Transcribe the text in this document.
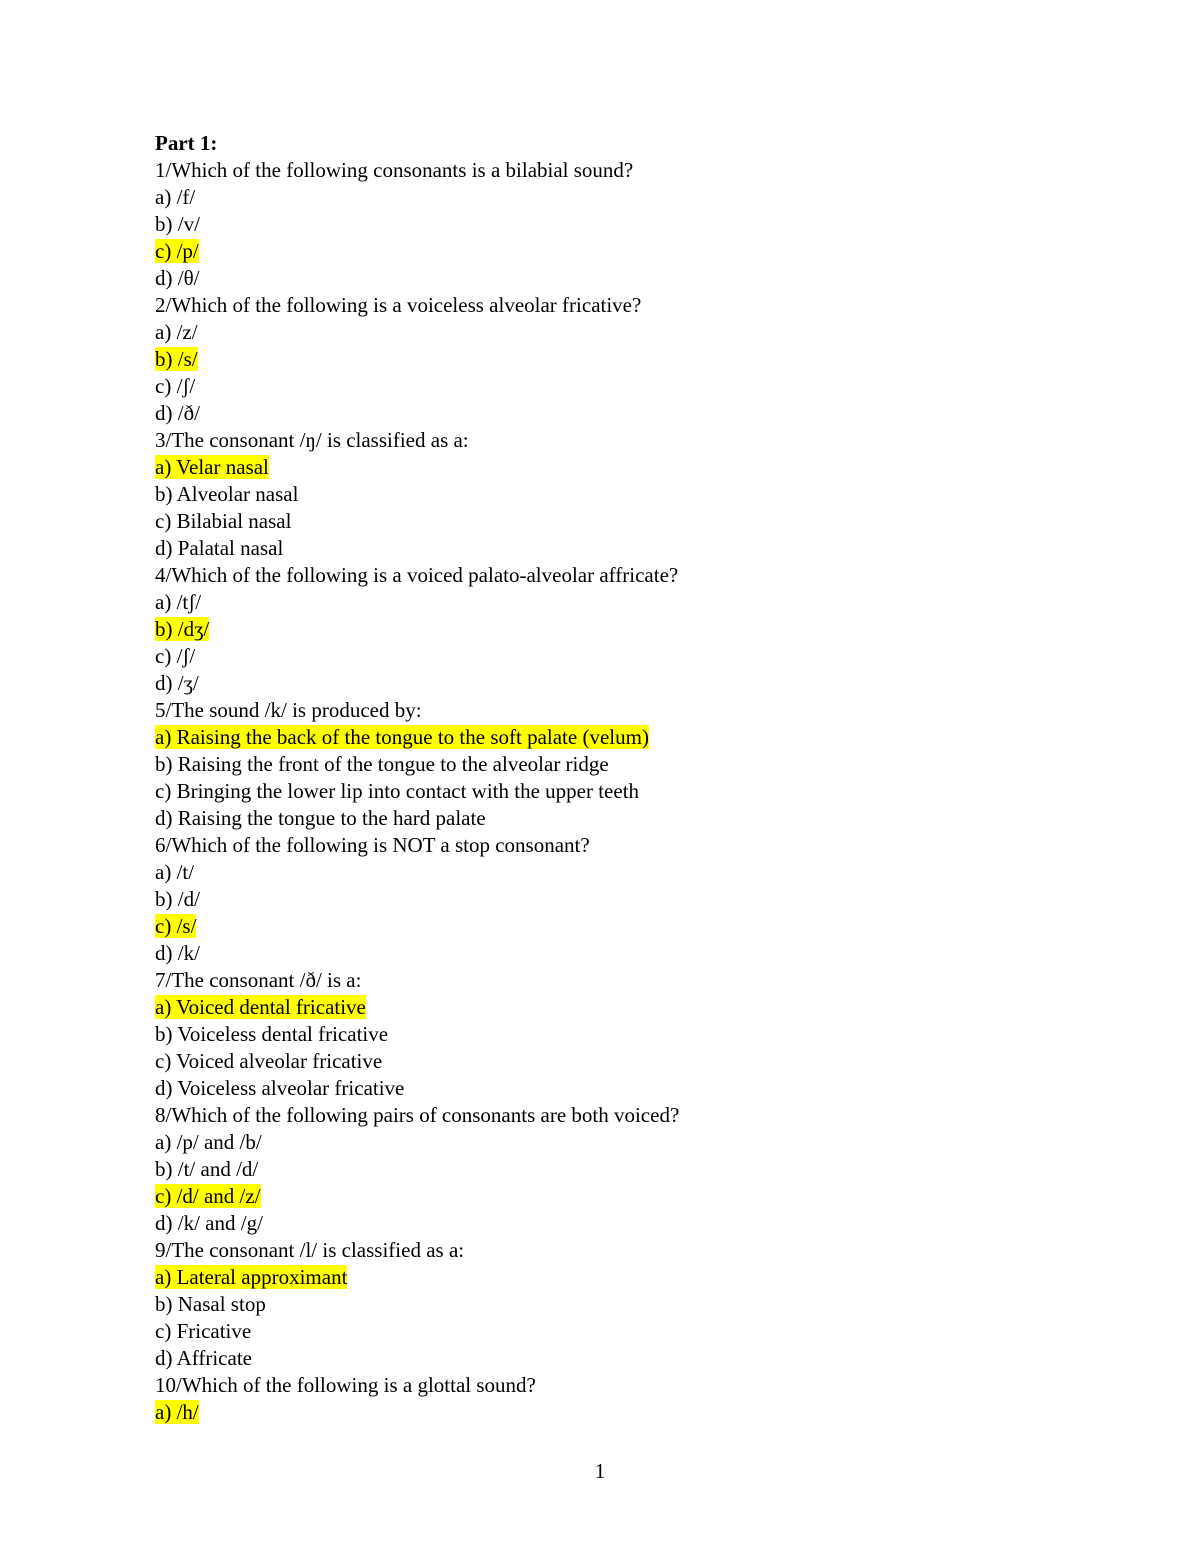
Part 1:
1/Which of the following consonants is a bilabial sound?
a) /f/
b) /v/
c) /p/
d) /θ/
2/Which of the following is a voiceless alveolar fricative?
a) /z/
b) /s/
c) /ʃ/
d) /ð/
3/The consonant /ŋ/ is classified as a:
a) Velar nasal
b) Alveolar nasal
c) Bilabial nasal
d) Palatal nasal
4/Which of the following is a voiced palato-alveolar affricate?
a) /tʃ/
b) /dʒ/
c) /ʃ/
d) /ʒ/
5/The sound /k/ is produced by:
a) Raising the back of the tongue to the soft palate (velum)
b) Raising the front of the tongue to the alveolar ridge
c) Bringing the lower lip into contact with the upper teeth
d) Raising the tongue to the hard palate
6/Which of the following is NOT a stop consonant?
a) /t/
b) /d/
c) /s/
d) /k/
7/The consonant /ð/ is a:
a) Voiced dental fricative
b) Voiceless dental fricative
c) Voiced alveolar fricative
d) Voiceless alveolar fricative
8/Which of the following pairs of consonants are both voiced?
a) /p/ and /b/
b) /t/ and /d/
c) /d/ and /z/
d) /k/ and /g/
9/The consonant /l/ is classified as a:
a) Lateral approximant
b) Nasal stop
c) Fricative
d) Affricate
10/Which of the following is a glottal sound?
a) /h/
1
